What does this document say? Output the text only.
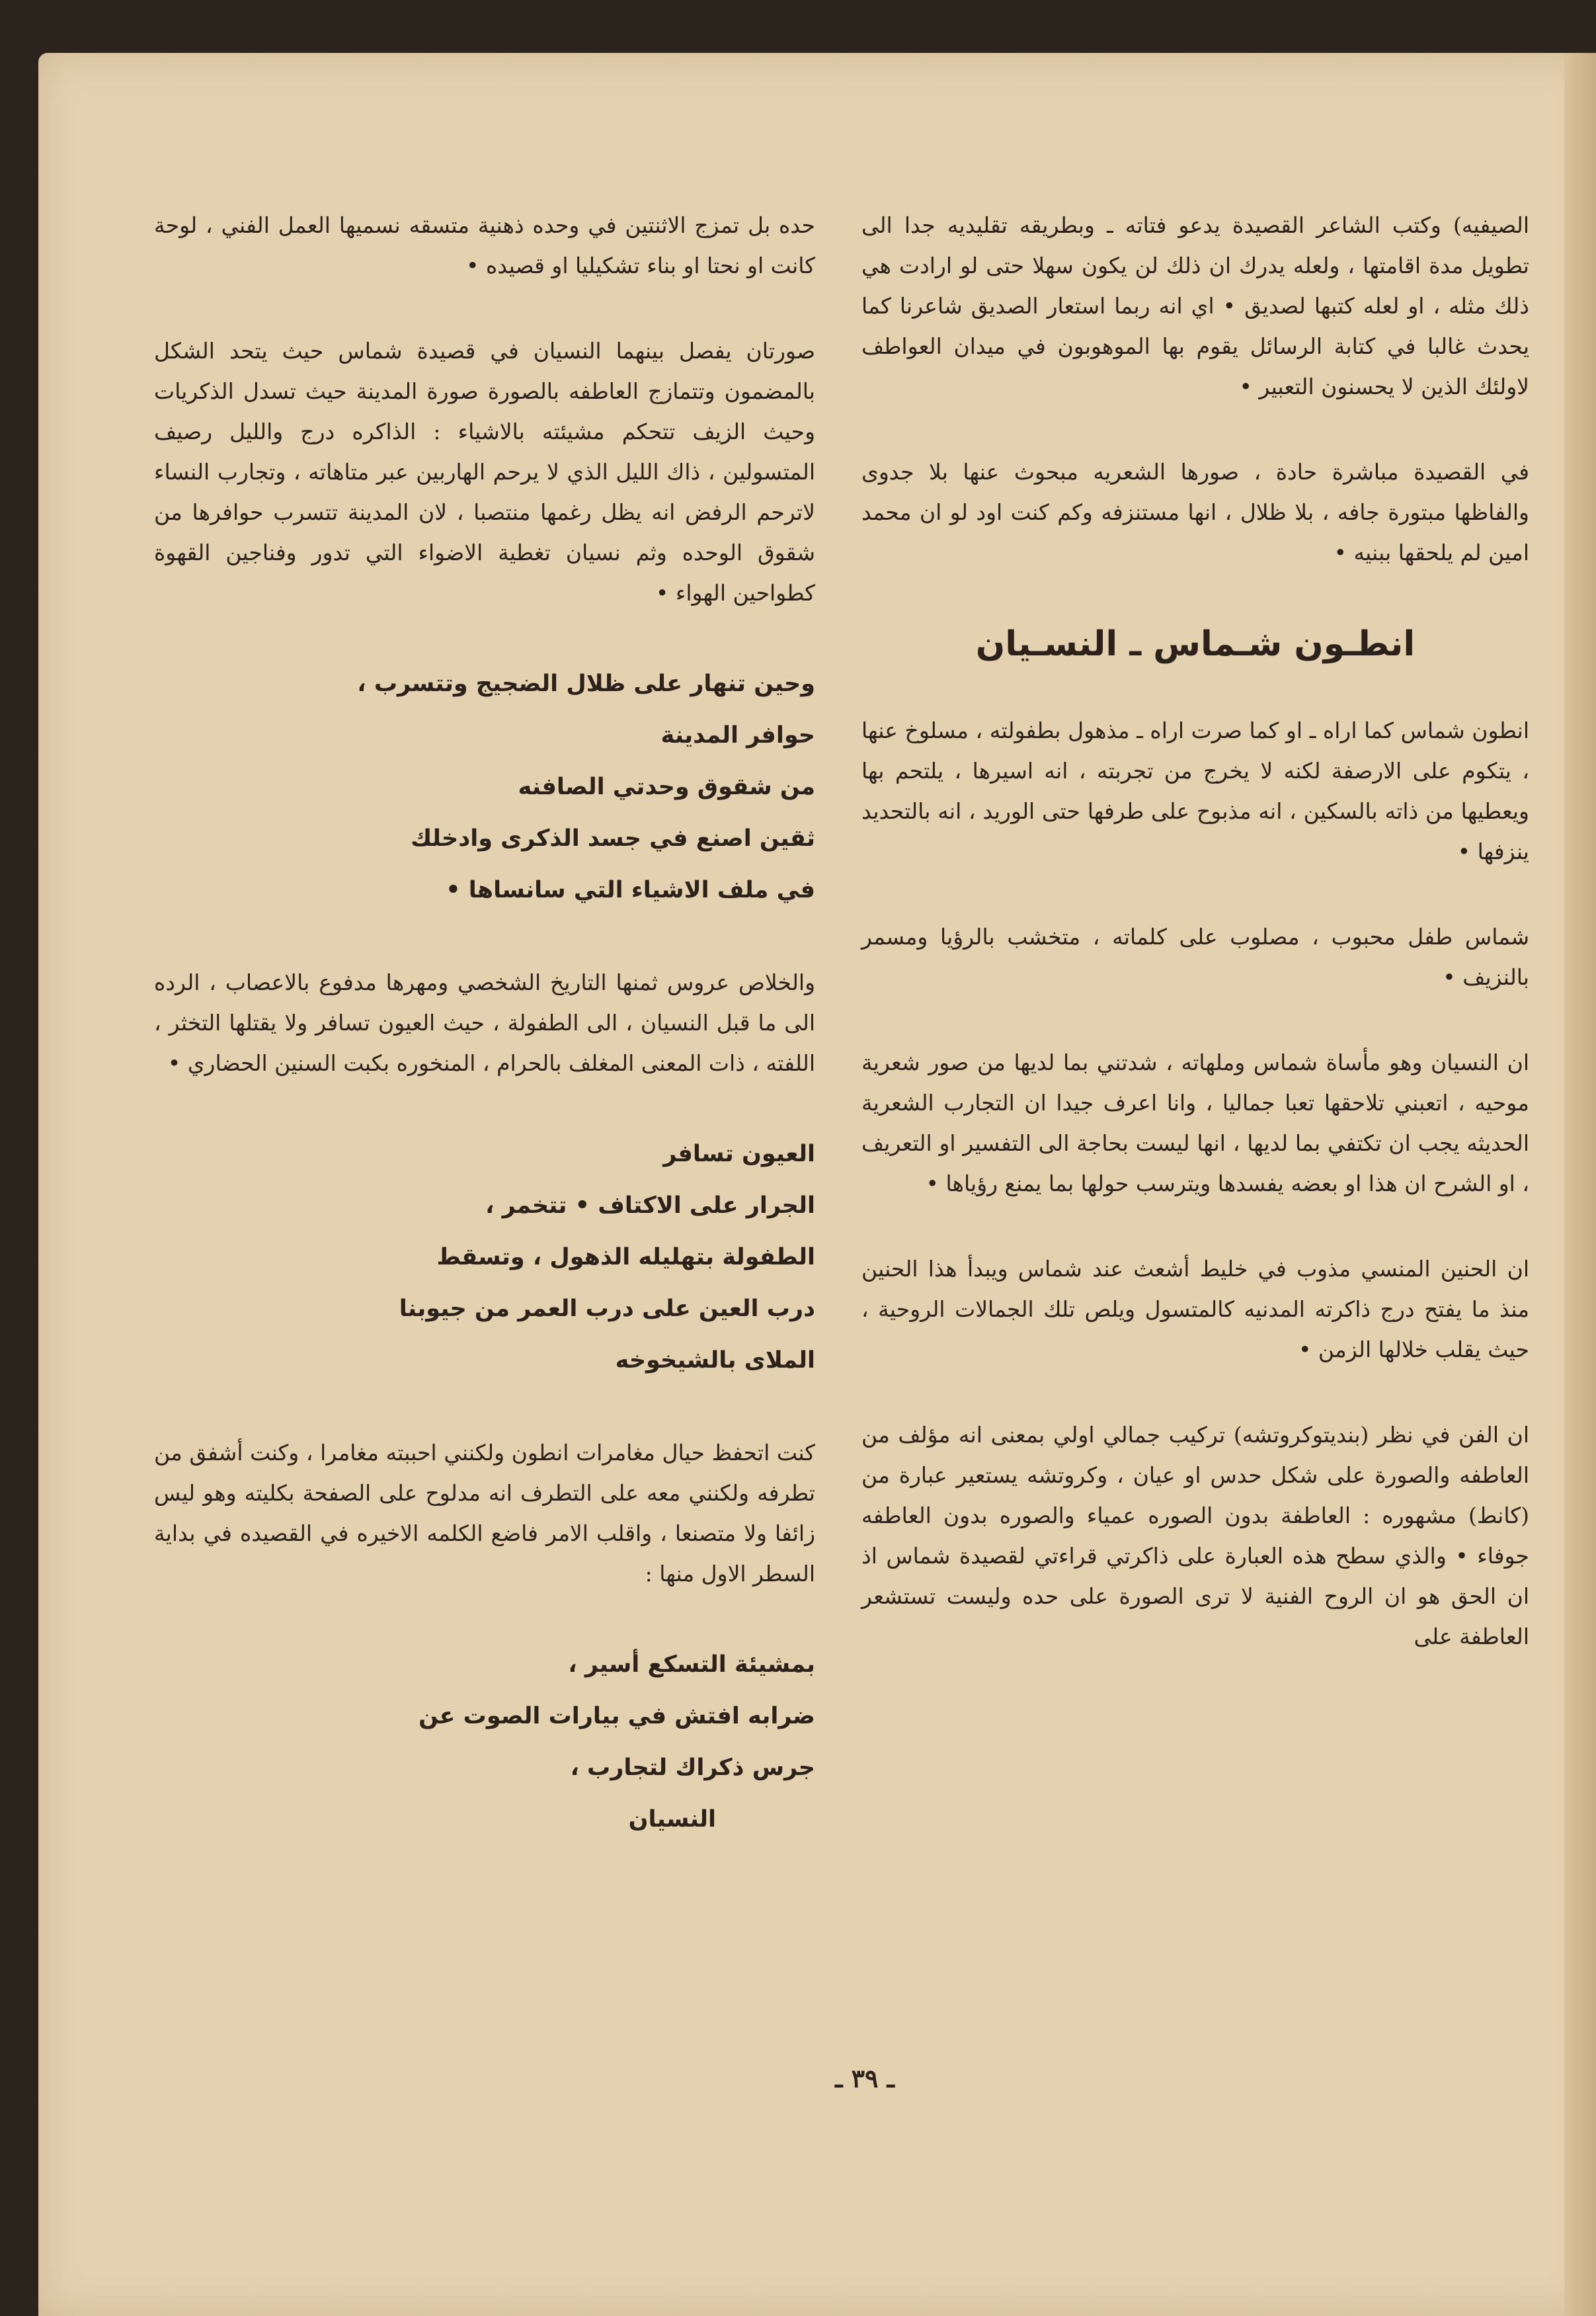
الصيفيه) وكتب الشاعر القصيدة يدعو فتاته ـ وبطريقه تقليديه جدا الى تطويل مدة اقامتها ، ولعله يدرك ان ذلك لن يكون سهلا حتى لو ارادت هي ذلك مثله ، او لعله كتبها لصديق • اي انه ربما استعار الصديق شاعرنا كما يحدث غالبا في كتابة الرسائل يقوم بها الموهوبون في ميدان العواطف لاولئك الذين لا يحسنون التعبير •

في القصيدة مباشرة حادة ، صورها الشعريه مبحوث عنها بلا جدوى والفاظها مبتورة جافه ، بلا ظلال ، انها مستنزفه وكم كنت اود لو ان محمد امين لم يلحقها ببنيه •

انطـون شـماس ـ النسـيان

انطون شماس كما اراه ـ او كما صرت اراه ـ مذهول بطفولته ، مسلوخ عنها ، يتكوم على الارصفة لكنه لا يخرج من تجربته ، انه اسيرها ، يلتحم بها ويعطيها من ذاته بالسكين ، انه مذبوح على طرفها حتى الوريد ، انه بالتحديد ينزفها •

شماس طفل محبوب ، مصلوب على كلماته ، متخشب بالرؤيا ومسمر بالنزيف •

ان النسيان وهو مأساة شماس وملهاته ، شدتني بما لديها من صور شعرية موحيه ، اتعبني تلاحقها تعبا جماليا ، وانا اعرف جيدا ان التجارب الشعرية الحديثه يجب ان تكتفي بما لديها ، انها ليست بحاجة الى التفسير او التعريف ، او الشرح ان هذا او بعضه يفسدها ويترسب حولها بما يمنع رؤياها •

ان الحنين المنسي مذوب في خليط أشعث عند شماس ويبدأ هذا الحنين منذ ما يفتح درج ذاكرته المدنيه كالمتسول ويلص تلك الجمالات الروحية ، حيث يقلب خلالها الزمن •

ان الفن في نظر (بنديتوكروتشه) تركيب جمالي اولي بمعنى انه مؤلف من العاطفه والصورة على شكل حدس او عيان ، وكروتشه يستعير عبارة من (كانط) مشهوره : العاطفة بدون الصوره عمياء والصوره بدون العاطفه جوفاء • والذي سطح هذه العبارة على ذاكرتي قراءتي لقصيدة شماس اذ ان الحق هو ان الروح الفنية لا ترى الصورة على حده وليست تستشعر العاطفة على

حده بل تمزج الاثنتين في وحده ذهنية متسقه نسميها العمل الفني ، لوحة كانت او نحتا او بناء تشكيليا او قصيده •

صورتان يفصل بينهما النسيان في قصيدة شماس حيث يتحد الشكل بالمضمون وتتمازج العاطفه بالصورة صورة المدينة حيث تسدل الذكريات وحيث الزيف تتحكم مشيئته بالاشياء : الذاكره درج والليل رصيف المتسولين ، ذاك الليل الذي لا يرحم الهاربين عبر متاهاته ، وتجارب النساء لاترحم الرفض انه يظل رغمها منتصبا ، لان المدينة تتسرب حوافرها من شقوق الوحده وثم نسيان تغطية الاضواء التي تدور وفناجين القهوة كطواحين الهواء •

وحين تنهار على ظلال الضجيج وتتسرب ،
حوافر المدينة
من شقوق وحدتي الصافنه
ثقين اصنع في جسد الذكرى وادخلك
في ملف الاشياء التي سانساها •

والخلاص عروس ثمنها التاريخ الشخصي ومهرها مدفوع بالاعصاب ، الرده الى ما قبل النسيان ، الى الطفولة ، حيث العيون تسافر ولا يقتلها التخثر ، اللفته ، ذات المعنى المغلف بالحرام ، المنخوره بكبت السنين الحضاري •

العيون تسافر
الجرار على الاكتاف • تتخمر ،
الطفولة بتهليله الذهول ، وتسقط
درب العين على درب العمر من جيوبنا
الملاى بالشيخوخه

كنت اتحفظ حيال مغامرات انطون ولكنني احببته مغامرا ، وكنت أشفق من تطرفه ولكنني معه على التطرف انه مدلوح على الصفحة بكليته وهو ليس زائفا ولا متصنعا ، واقلب الامر فاضع الكلمه الاخيره في القصيده في بداية السطر الاول منها :

بمشيئة التسكع أسير ،
ضرابه افتش في بيارات الصوت عن
جرس ذكراك لتجارب ،
النسيان
ـ ٣٩ ـ
